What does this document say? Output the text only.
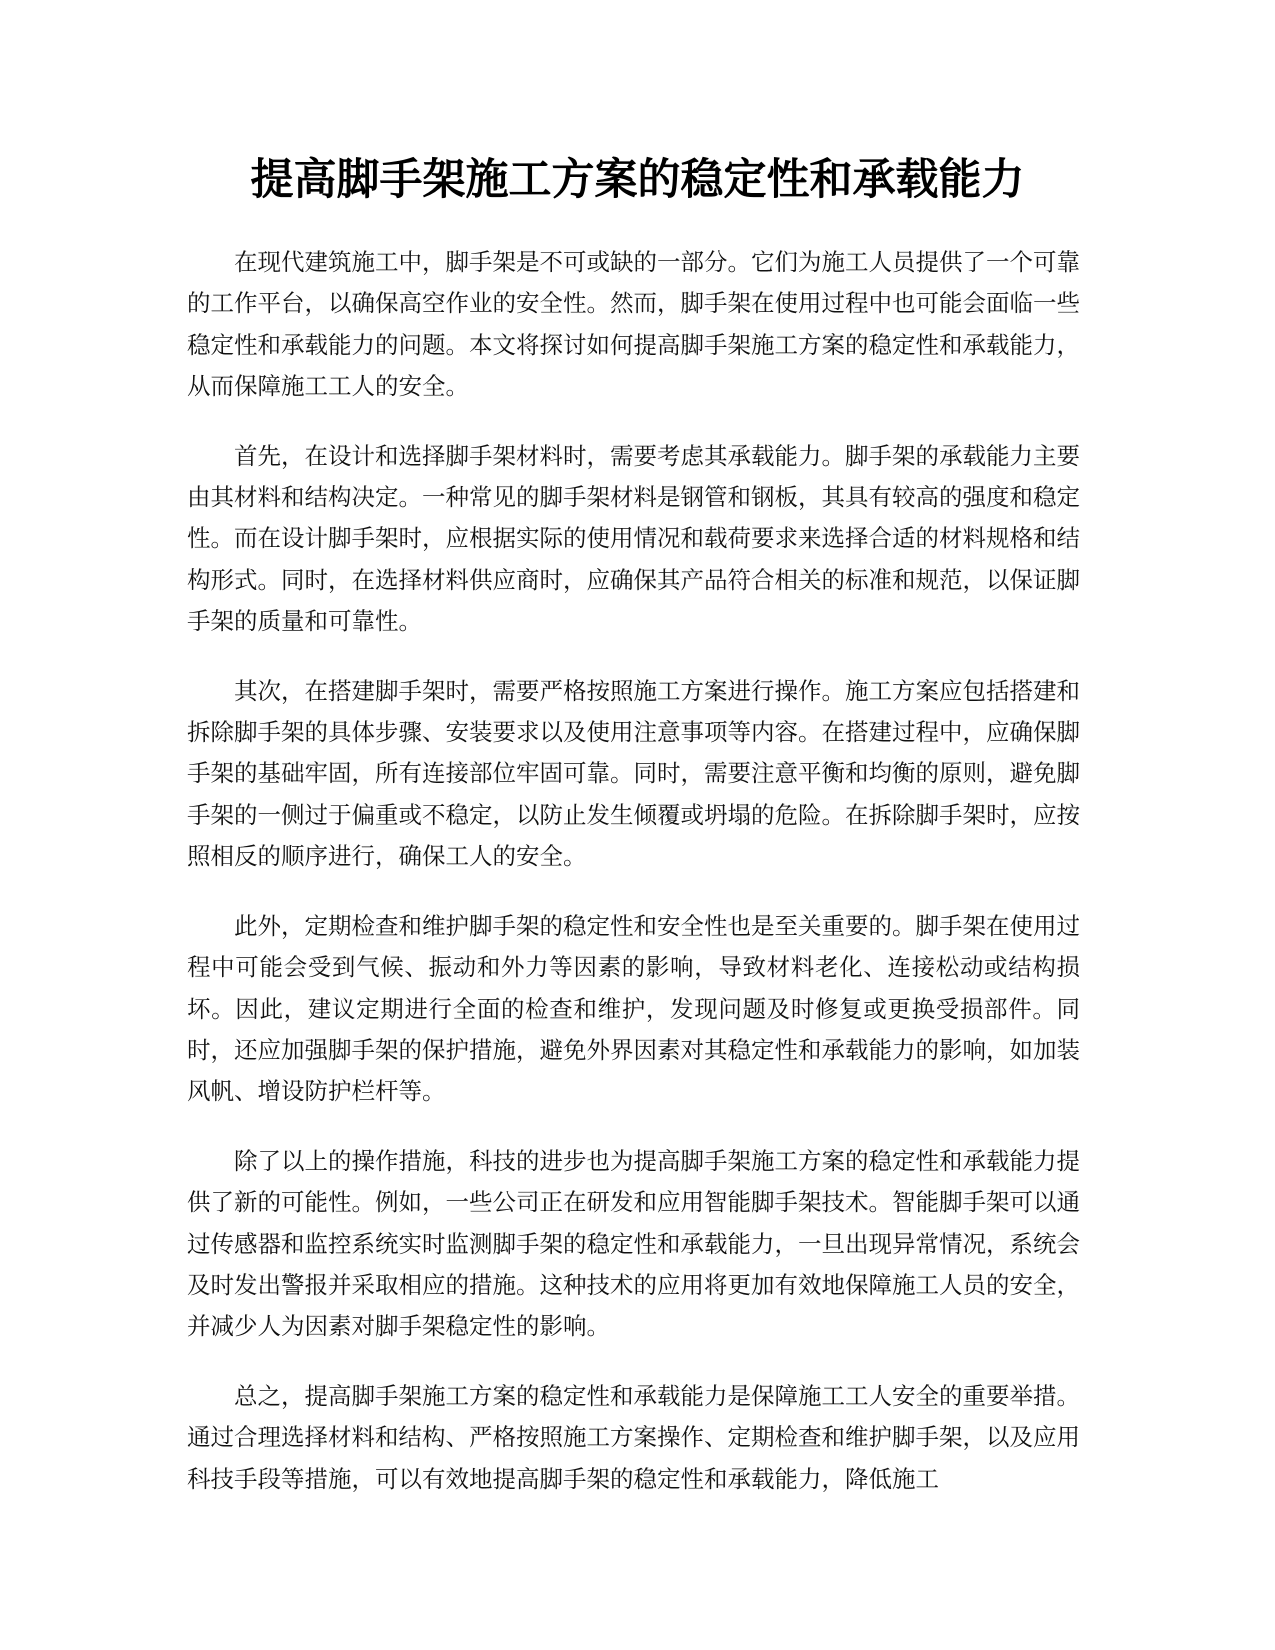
提高脚手架施工方案的稳定性和承载能力

在现代建筑施工中，脚手架是不可或缺的一部分。它们为施工人员提供了一个可靠的工作平台，以确保高空作业的安全性。然而，脚手架在使用过程中也可能会面临一些稳定性和承载能力的问题。本文将探讨如何提高脚手架施工方案的稳定性和承载能力，从而保障施工工人的安全。

首先，在设计和选择脚手架材料时，需要考虑其承载能力。脚手架的承载能力主要由其材料和结构决定。一种常见的脚手架材料是钢管和钢板，其具有较高的强度和稳定性。而在设计脚手架时，应根据实际的使用情况和载荷要求来选择合适的材料规格和结构形式。同时，在选择材料供应商时，应确保其产品符合相关的标准和规范，以保证脚手架的质量和可靠性。

其次，在搭建脚手架时，需要严格按照施工方案进行操作。施工方案应包括搭建和拆除脚手架的具体步骤、安装要求以及使用注意事项等内容。在搭建过程中，应确保脚手架的基础牢固，所有连接部位牢固可靠。同时，需要注意平衡和均衡的原则，避免脚手架的一侧过于偏重或不稳定，以防止发生倾覆或坍塌的危险。在拆除脚手架时，应按照相反的顺序进行，确保工人的安全。

此外，定期检查和维护脚手架的稳定性和安全性也是至关重要的。脚手架在使用过程中可能会受到气候、振动和外力等因素的影响，导致材料老化、连接松动或结构损坏。因此，建议定期进行全面的检查和维护，发现问题及时修复或更换受损部件。同时，还应加强脚手架的保护措施，避免外界因素对其稳定性和承载能力的影响，如加装风帆、增设防护栏杆等。

除了以上的操作措施，科技的进步也为提高脚手架施工方案的稳定性和承载能力提供了新的可能性。例如，一些公司正在研发和应用智能脚手架技术。智能脚手架可以通过传感器和监控系统实时监测脚手架的稳定性和承载能力，一旦出现异常情况，系统会及时发出警报并采取相应的措施。这种技术的应用将更加有效地保障施工人员的安全，并减少人为因素对脚手架稳定性的影响。

总之，提高脚手架施工方案的稳定性和承载能力是保障施工工人安全的重要举措。通过合理选择材料和结构、严格按照施工方案操作、定期检查和维护脚手架，以及应用科技手段等措施，可以有效地提高脚手架的稳定性和承载能力，降低施工
